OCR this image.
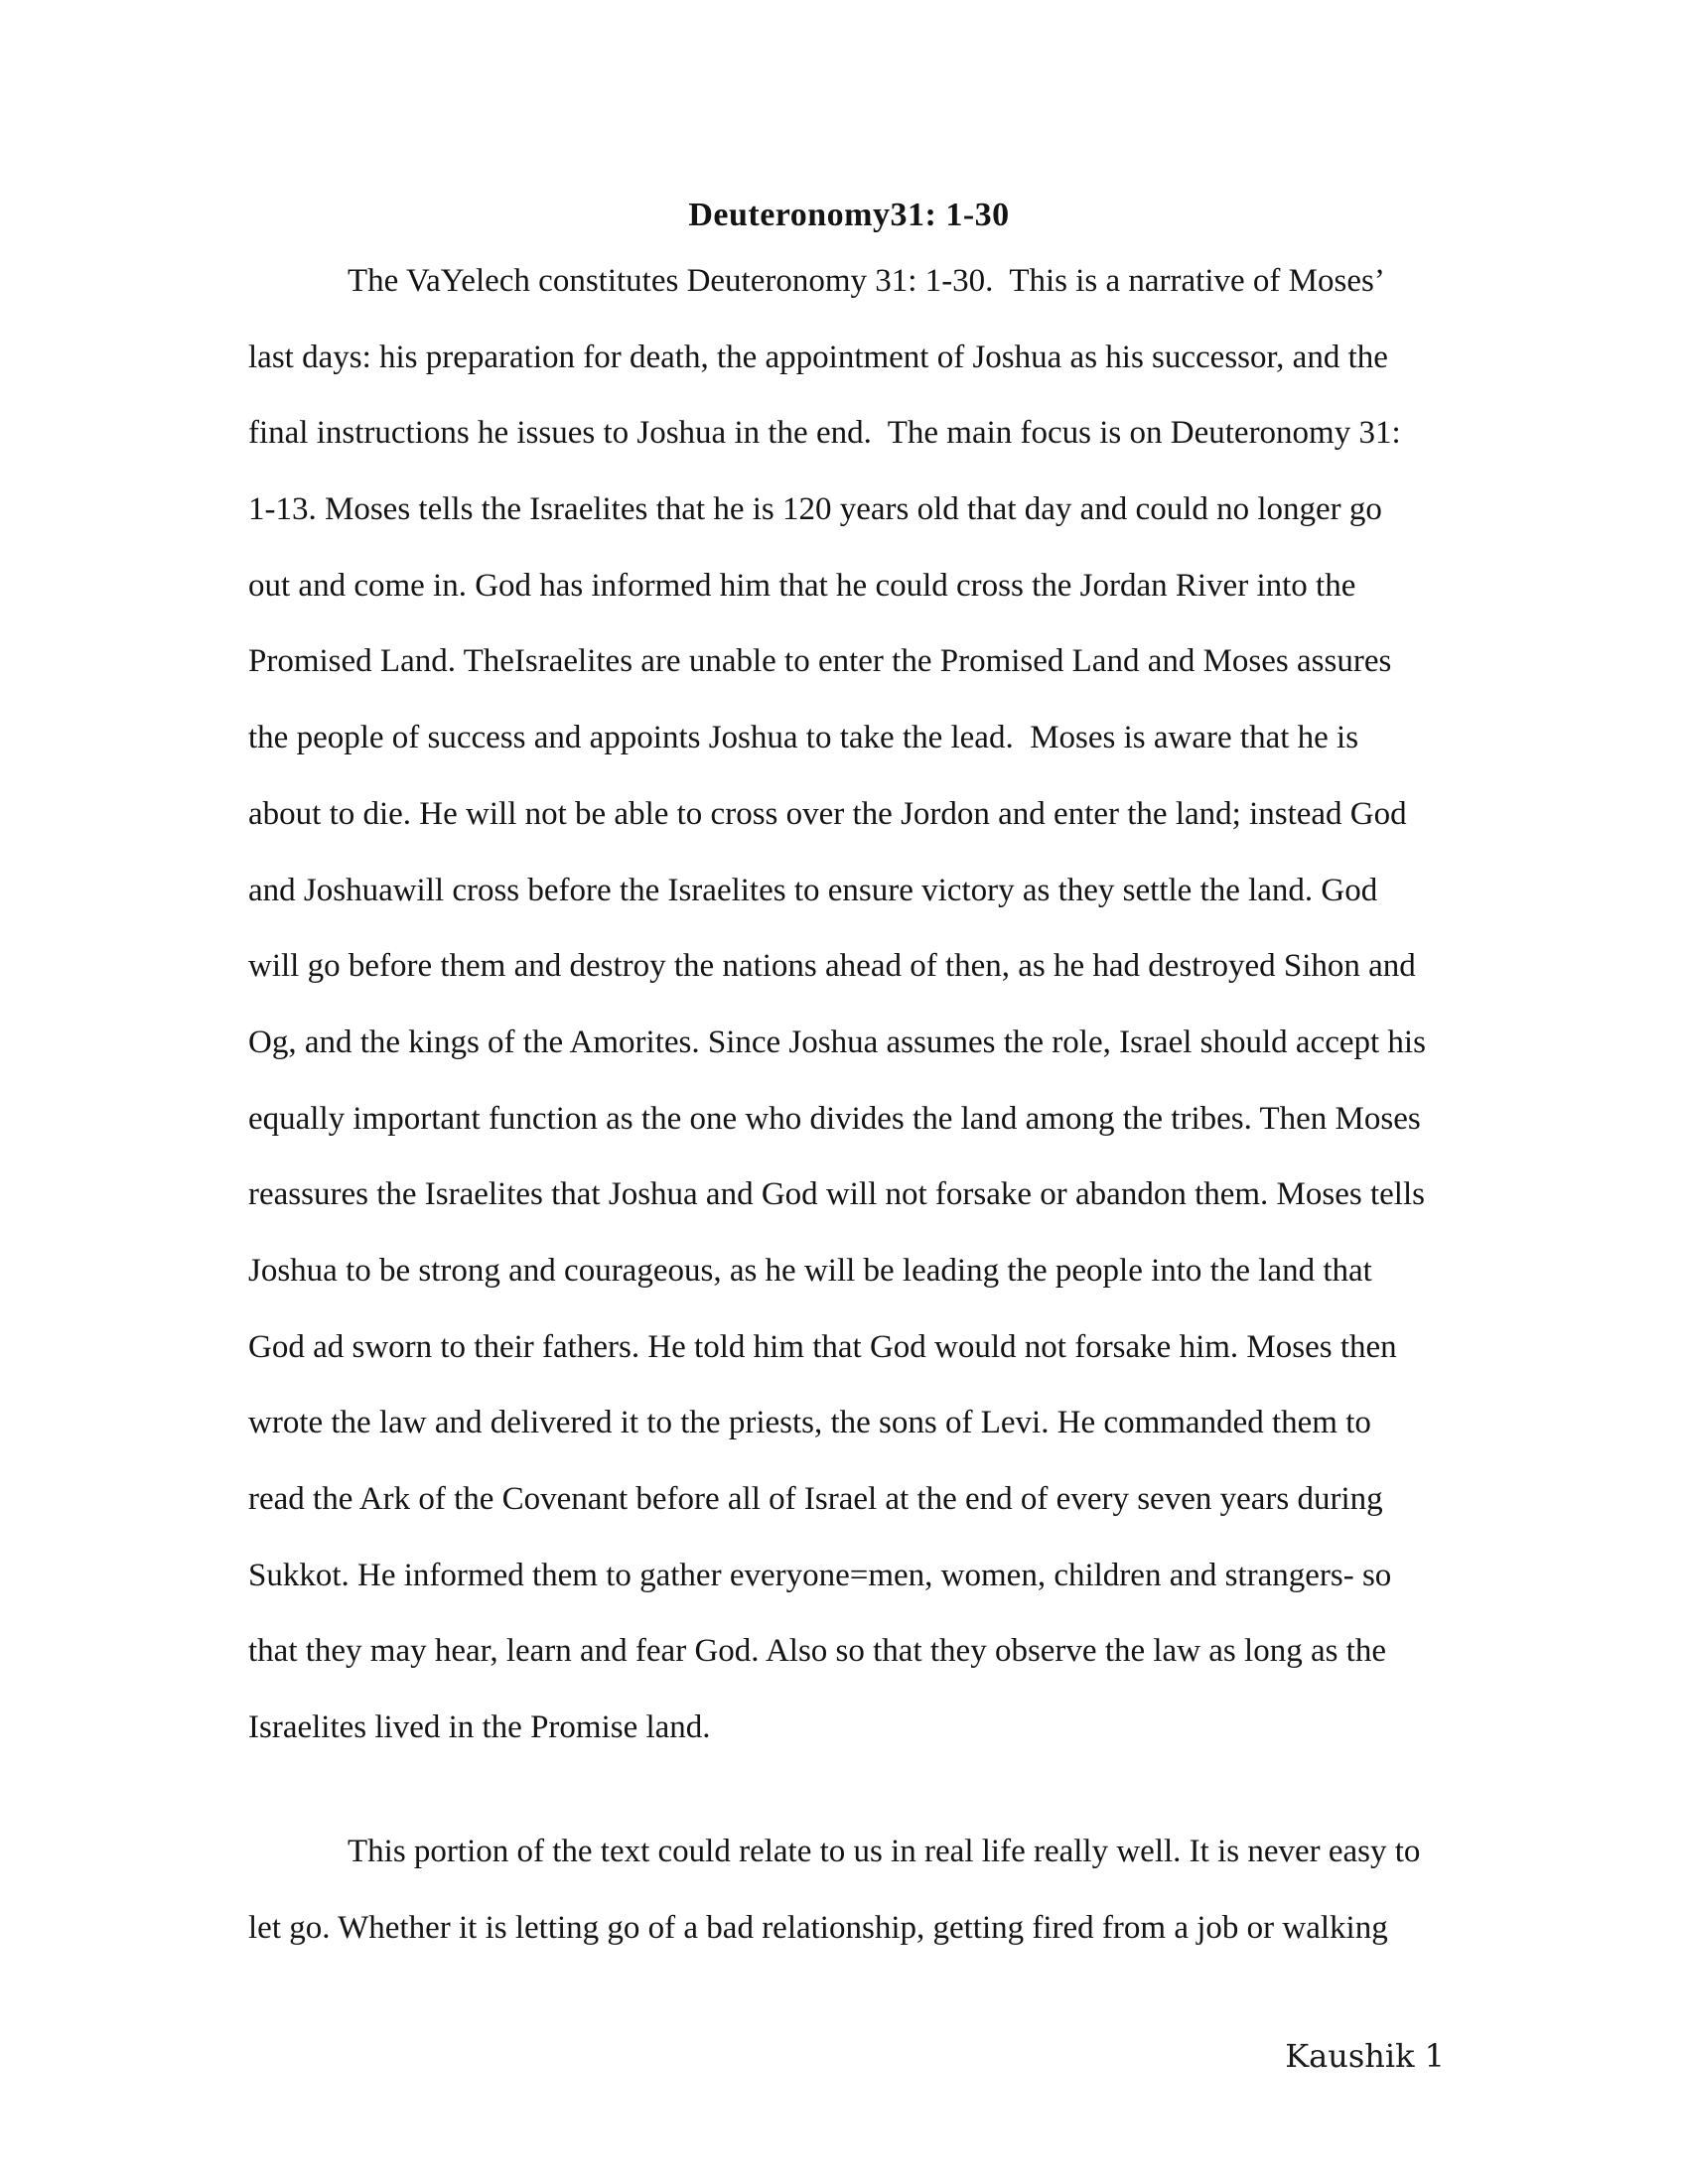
Deuteronomy31: 1-30
The VaYelech constitutes Deuteronomy 31: 1-30.  This is a narrative of Moses’
last days: his preparation for death, the appointment of Joshua as his successor, and the
final instructions he issues to Joshua in the end.  The main focus is on Deuteronomy 31:
1-13. Moses tells the Israelites that he is 120 years old that day and could no longer go
out and come in. God has informed him that he could cross the Jordan River into the
Promised Land. TheIsraelites are unable to enter the Promised Land and Moses assures
the people of success and appoints Joshua to take the lead.  Moses is aware that he is
about to die. He will not be able to cross over the Jordon and enter the land; instead God
and Joshuawill cross before the Israelites to ensure victory as they settle the land. God
will go before them and destroy the nations ahead of then, as he had destroyed Sihon and
Og, and the kings of the Amorites. Since Joshua assumes the role, Israel should accept his
equally important function as the one who divides the land among the tribes. Then Moses
reassures the Israelites that Joshua and God will not forsake or abandon them. Moses tells
Joshua to be strong and courageous, as he will be leading the people into the land that
God ad sworn to their fathers. He told him that God would not forsake him. Moses then
wrote the law and delivered it to the priests, the sons of Levi. He commanded them to
read the Ark of the Covenant before all of Israel at the end of every seven years during
Sukkot. He informed them to gather everyone=men, women, children and strangers- so
that they may hear, learn and fear God. Also so that they observe the law as long as the
Israelites lived in the Promise land.
This portion of the text could relate to us in real life really well. It is never easy to
let go. Whether it is letting go of a bad relationship, getting fired from a job or walking
Kaushik 1
